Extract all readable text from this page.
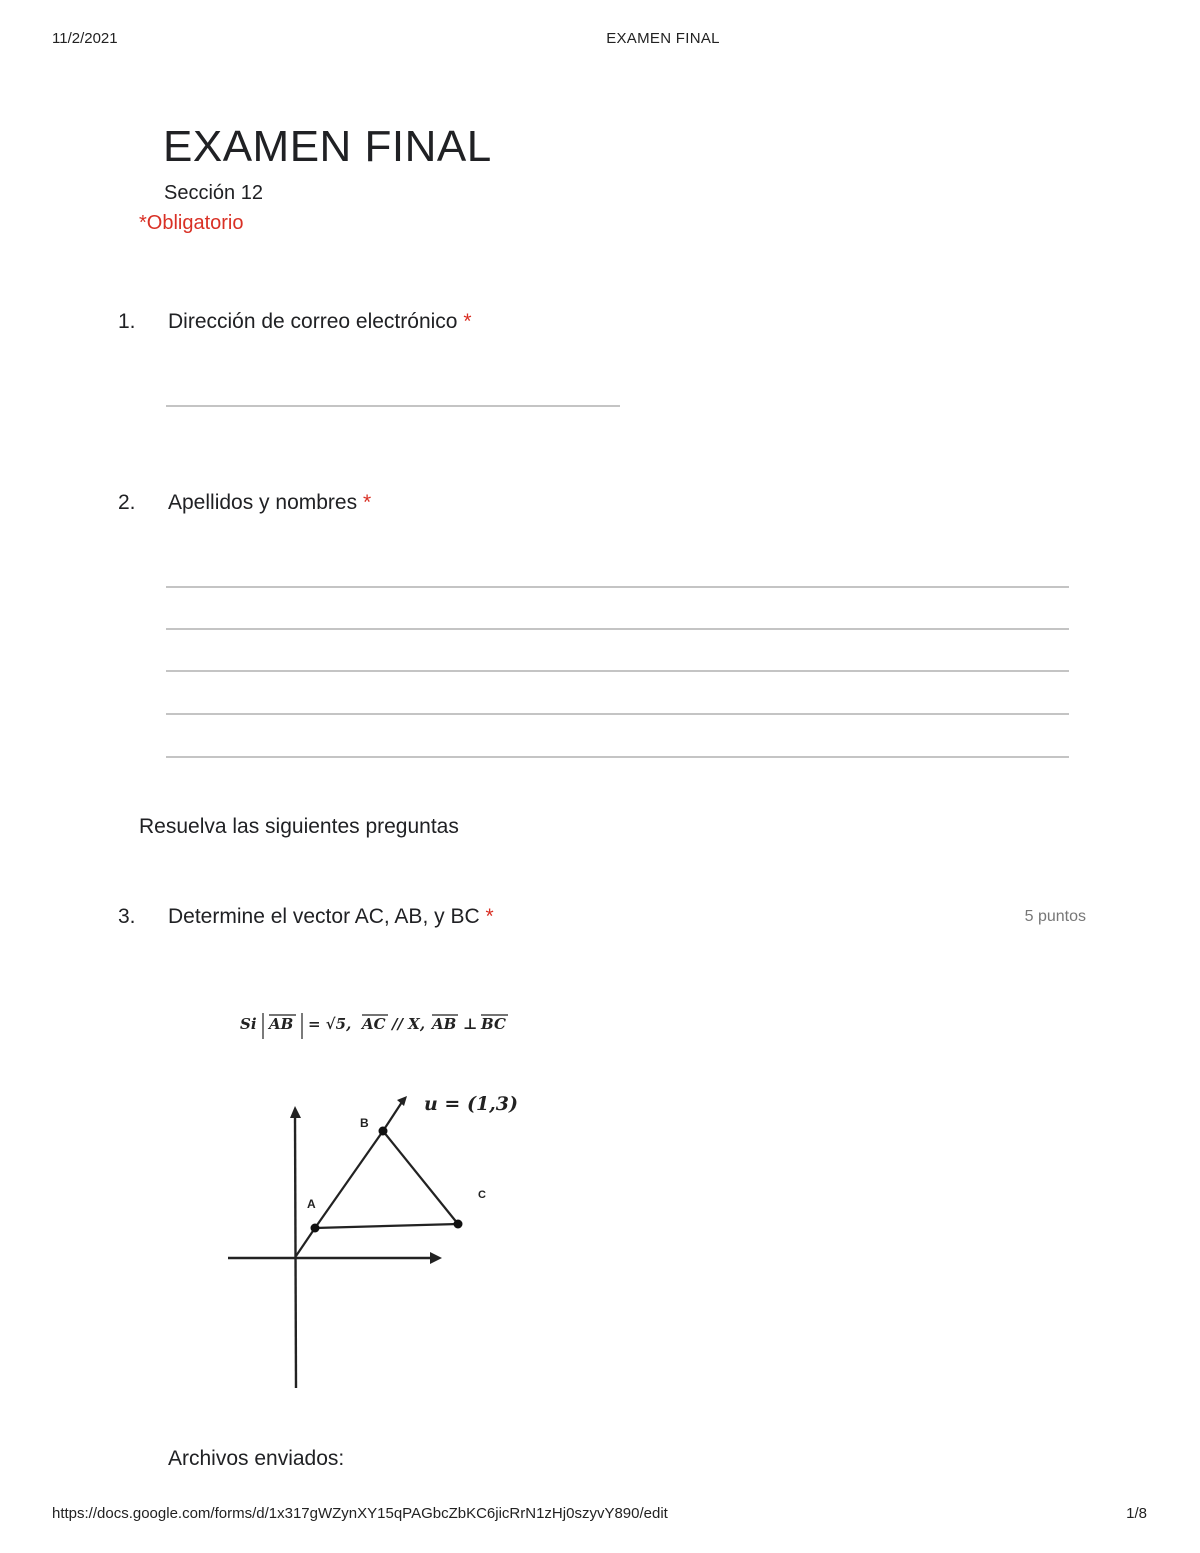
11/2/2021	EXAMEN FINAL
EXAMEN FINAL
Sección 12
*Obligatorio
1. Dirección de correo electrónico *
2. Apellidos y nombres *
Resuelva las siguientes preguntas
3. Determine el vector AC, AB, y BC *	5 puntos
Si AB = √5, AC // X, AB ⊥ BC
A
B
C
u = (1,3)
Archivos enviados:
https://docs.google.com/forms/d/1x317gWZynXY15qPAGbcZbKC6jicRrN1zHj0szyvY890/edit	1/8
